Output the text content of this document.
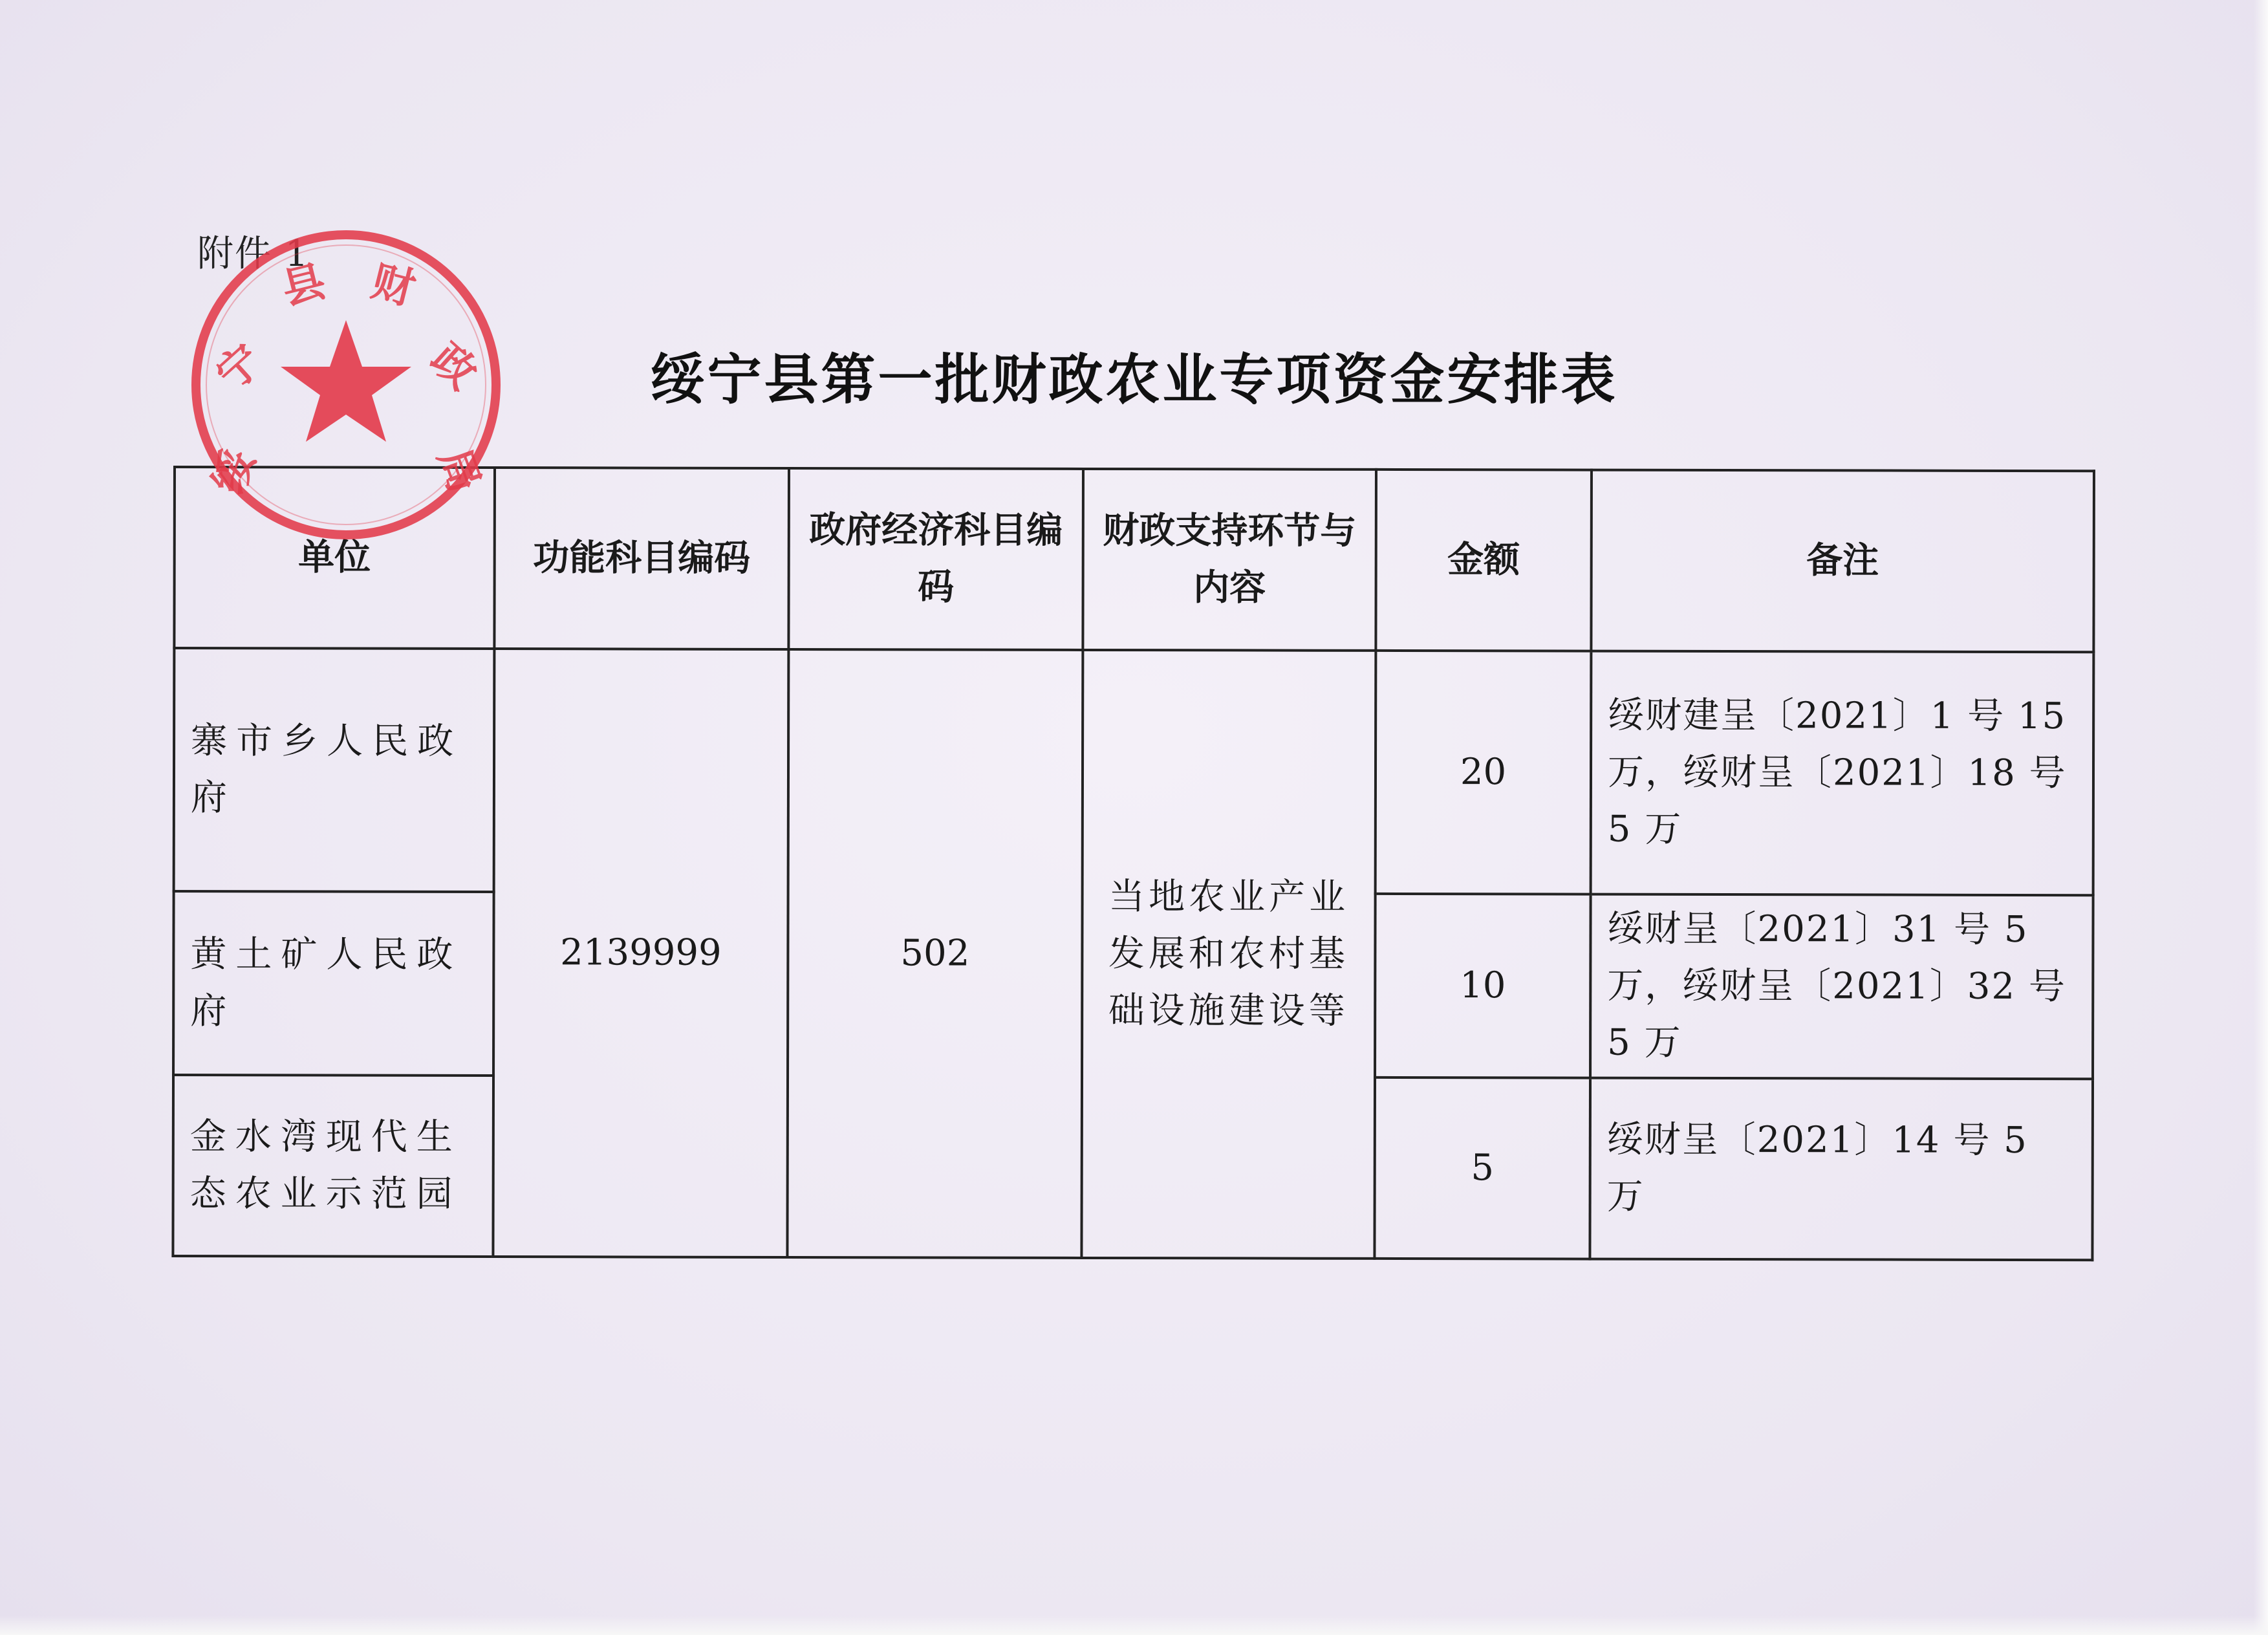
附件 1
绥宁县第一批财政农业专项资金安排表
绥
宁
县 财
政
局
单位	功能科目编码	政府经济科目编码	财政支持环节与内容	金额	备注
寨市乡人民政府	2139999	502	当地农业产业发展和农村基础设施建设等	20	绥财建呈〔2021〕1 号 15 万，绥财呈〔2021〕18 号 5 万
黄土矿人民政府				10	绥财呈〔2021〕31 号 5 万，绥财呈〔2021〕32 号 5 万
金水湾现代生态农业示范园				5	绥财呈〔2021〕14 号 5 万
